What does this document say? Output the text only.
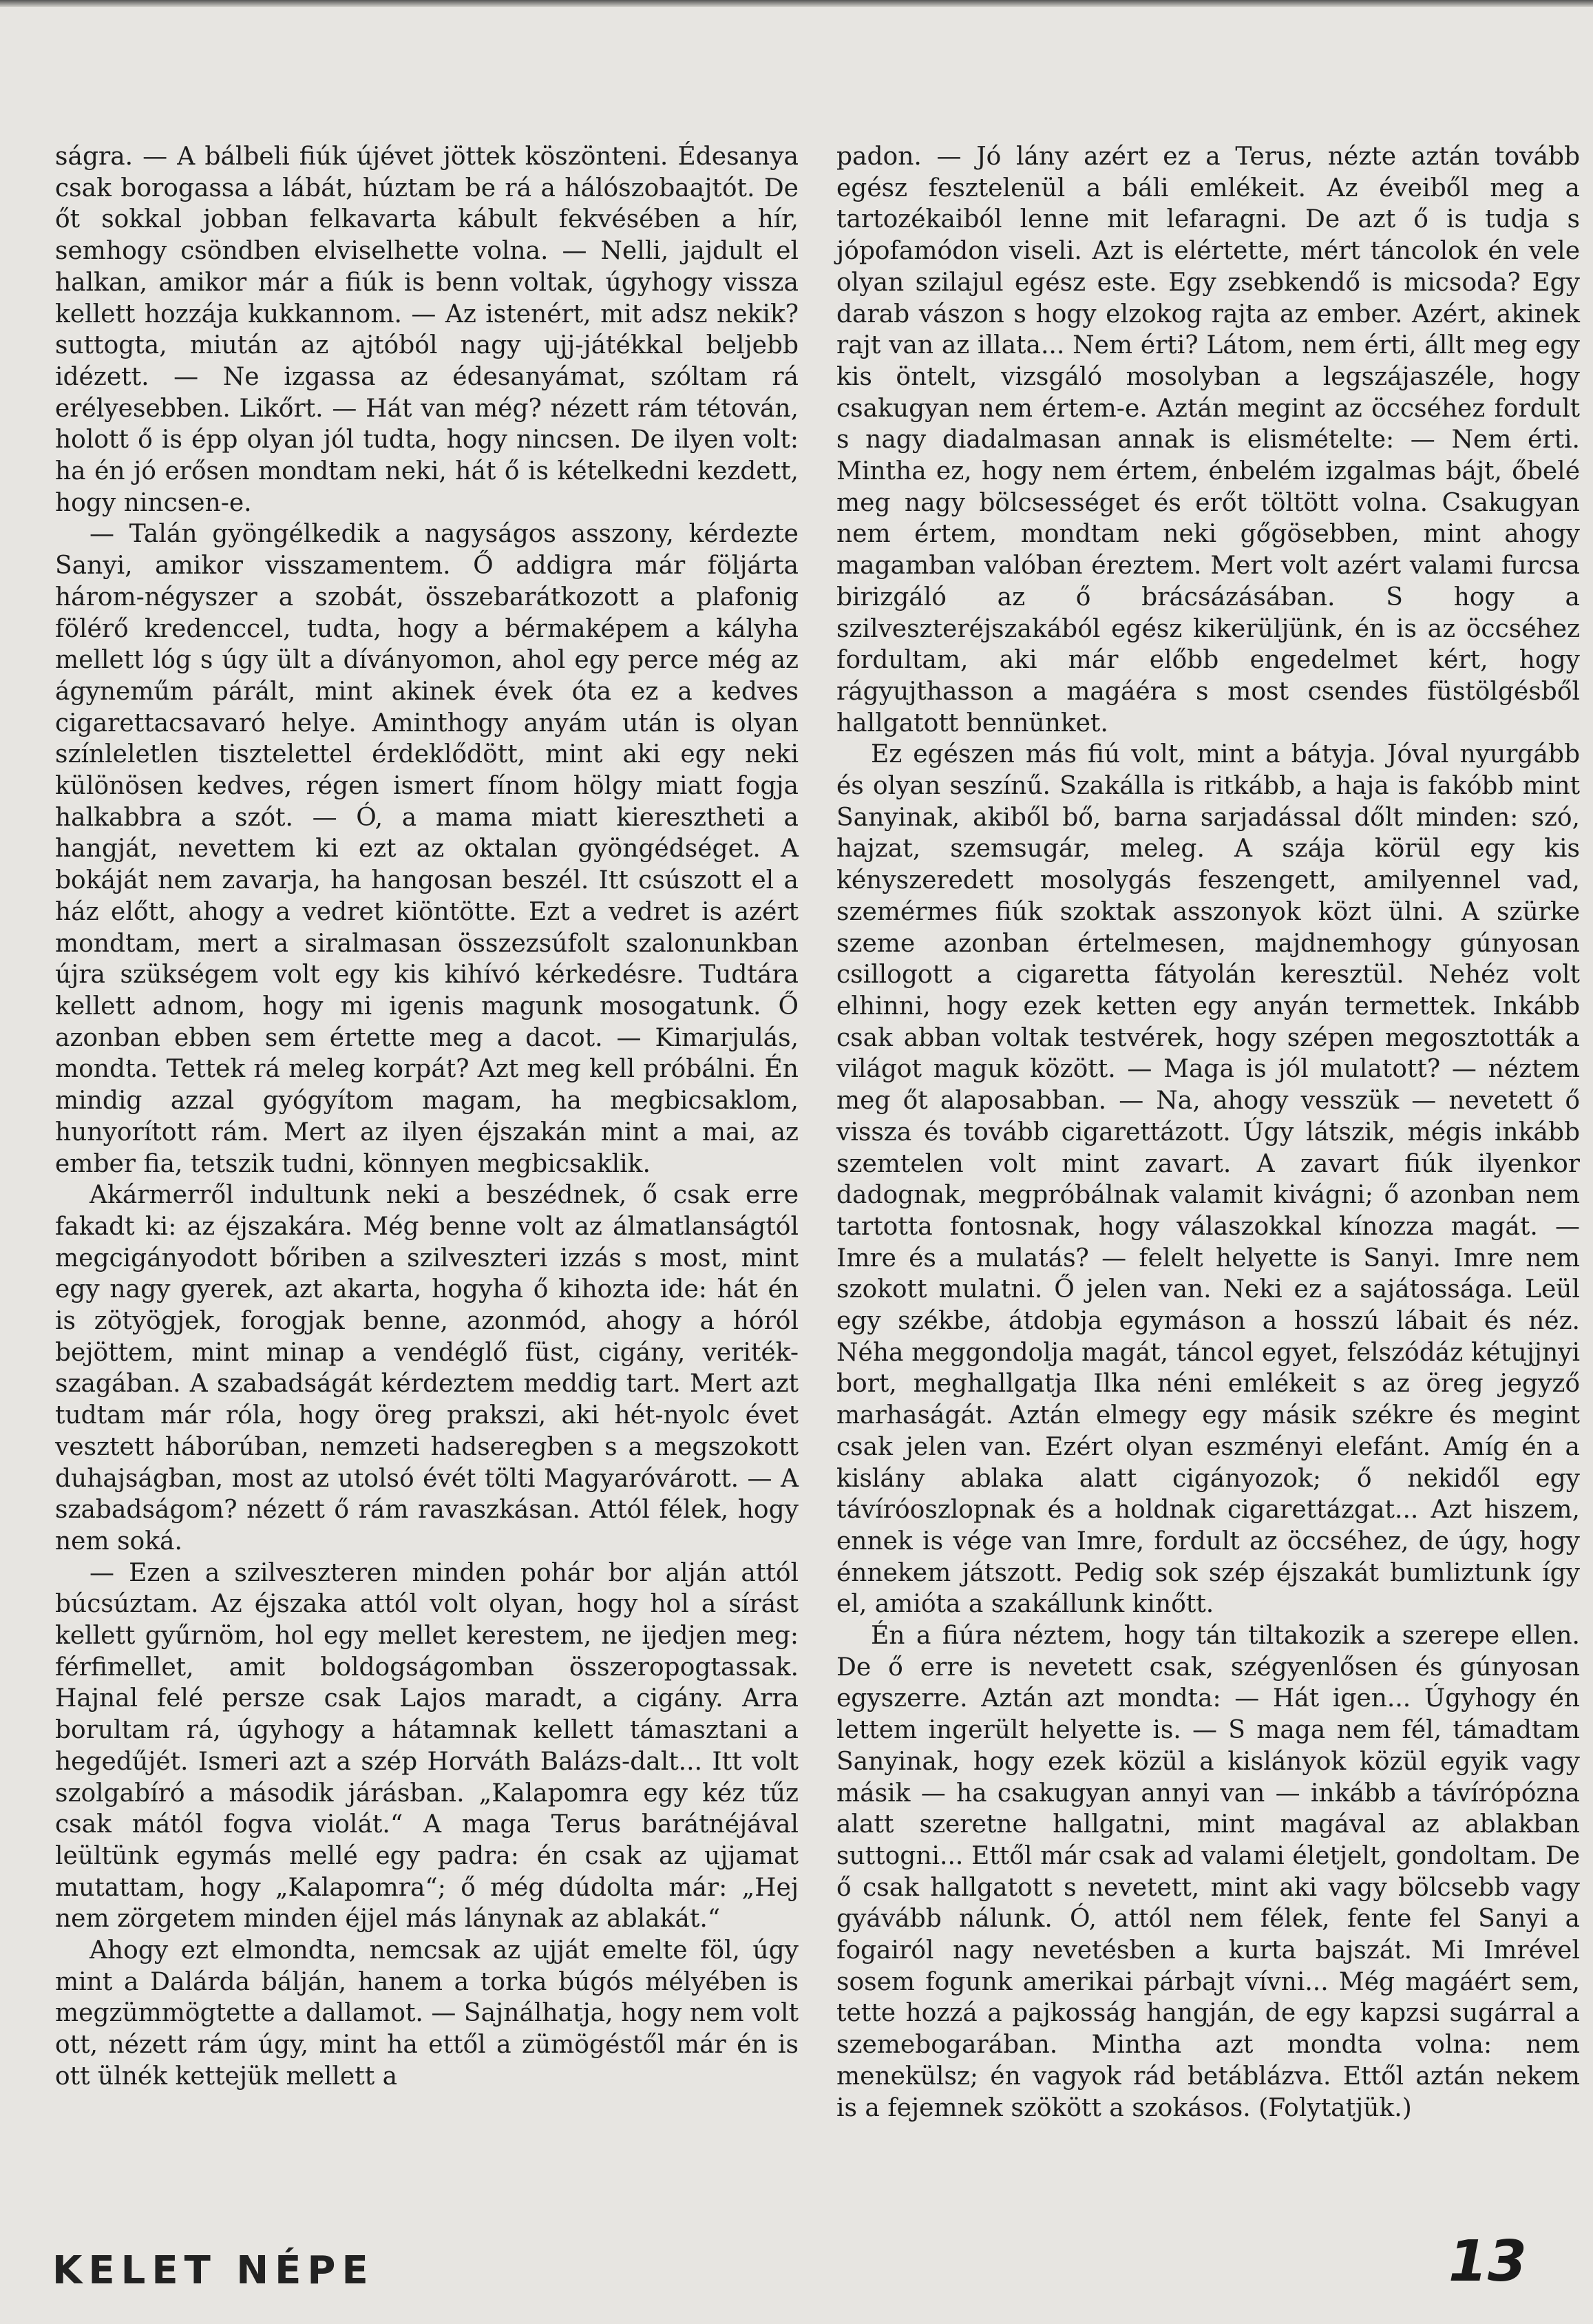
ságra. — A bálbeli fiúk újévet jöttek köszönteni. Édesanya csak borogassa a lábát, húztam be rá a hálószobaajtót. De őt sokkal jobban felkavarta kábult fekvésében a hír, semhogy csöndben elviselhette volna. — Nelli, jajdult el halkan, amikor már a fiúk is benn voltak, úgyhogy vissza kellett hozzája kukkannom. — Az istenért, mit adsz nekik? suttogta, miután az ajtóból nagy ujj-játékkal beljebb idézett. — Ne izgassa az édesanyámat, szóltam rá erélyesebben. Likőrt. — Hát van még? nézett rám tétován, holott ő is épp olyan jól tudta, hogy nincsen. De ilyen volt: ha én jó erősen mondtam neki, hát ő is kételkedni kezdett, hogy nincsen-e.

— Talán gyöngélkedik a nagyságos asszony, kérdezte Sanyi, amikor visszamentem. Ő addigra már följárta három-négyszer a szobát, összebarátkozott a plafonig fölérő kredenccel, tudta, hogy a bérmaképem a kályha mellett lóg s úgy ült a díványomon, ahol egy perce még az ágyneműm párált, mint akinek évek óta ez a kedves cigarettacsavaró helye. Aminthogy anyám után is olyan színleletlen tisztelettel érdeklődött, mint aki egy neki különösen kedves, régen ismert fínom hölgy miatt fogja halkabbra a szót. — Ó, a mama miatt kieresztheti a hangját, nevettem ki ezt az oktalan gyöngédséget. A bokáját nem zavarja, ha hangosan beszél. Itt csúszott el a ház előtt, ahogy a vedret kiöntötte. Ezt a vedret is azért mondtam, mert a siralmasan összezsúfolt szalonunkban újra szükségem volt egy kis kihívó kérkedésre. Tudtára kellett adnom, hogy mi igenis magunk mosogatunk. Ő azonban ebben sem értette meg a dacot. — Kimarjulás, mondta. Tettek rá meleg korpát? Azt meg kell próbálni. Én mindig azzal gyógyítom magam, ha megbicsaklom, hunyorított rám. Mert az ilyen éjszakán mint a mai, az ember fia, tetszik tudni, könnyen megbicsaklik.

Akármerről indultunk neki a beszédnek, ő csak erre fakadt ki: az éjszakára. Még benne volt az álmatlanságtól megcigányodott bőriben a szilveszteri izzás s most, mint egy nagy gyerek, azt akarta, hogyha ő kihozta ide: hát én is zötyögjek, forogjak benne, azonmód, ahogy a hóról bejöttem, mint minap a vendéglő füst, cigány, veriték-szagában. A szabadságát kérdeztem meddig tart. Mert azt tudtam már róla, hogy öreg prakszi, aki hét-nyolc évet vesztett háborúban, nemzeti hadseregben s a megszokott duhajságban, most az utolsó évét tölti Magyaróvárott. — A szabadságom? nézett ő rám ravaszkásan. Attól félek, hogy nem soká.

— Ezen a szilveszteren minden pohár bor alján attól búcsúztam. Az éjszaka attól volt olyan, hogy hol a sírást kellett gyűrnöm, hol egy mellet kerestem, ne ijedjen meg: férfimellet, amit boldogságomban összeropogtassak. Hajnal felé persze csak Lajos maradt, a cigány. Arra borultam rá, úgyhogy a hátamnak kellett támasztani a hegedűjét. Ismeri azt a szép Horváth Balázs-dalt... Itt volt szolgabíró a második járásban. „Kalapomra egy kéz tűz csak mától fogva violát.“ A maga Terus barátnéjával leültünk egymás mellé egy padra: én csak az ujjamat mutattam, hogy „Kalapomra“; ő még dúdolta már: „Hej nem zörgetem minden éjjel más lánynak az ablakát.“

Ahogy ezt elmondta, nemcsak az ujját emelte föl, úgy mint a Dalárda bálján, hanem a torka búgós mélyében is megzümmögtette a dallamot. — Sajnálhatja, hogy nem volt ott, nézett rám úgy, mint ha ettől a zümögéstől már én is ott ülnék kettejük mellett a

padon. — Jó lány azért ez a Terus, nézte aztán tovább egész fesztelenül a báli emlékeit. Az éveiből meg a tartozékaiból lenne mit lefaragni. De azt ő is tudja s jópofamódon viseli. Azt is elértette, mért táncolok én vele olyan szilajul egész este. Egy zsebkendő is micsoda? Egy darab vászon s hogy elzokog rajta az ember. Azért, akinek rajt van az illata... Nem érti? Látom, nem érti, állt meg egy kis öntelt, vizsgáló mosolyban a legszájaszéle, hogy csakugyan nem értem-e. Aztán megint az öccséhez fordult s nagy diadalmasan annak is elismételte: — Nem érti. Mintha ez, hogy nem értem, énbelém izgalmas bájt, őbelé meg nagy bölcsességet és erőt töltött volna. Csakugyan nem értem, mondtam neki gőgösebben, mint ahogy magamban valóban éreztem. Mert volt azért valami furcsa birizgáló az ő brácsázásában. S hogy a szilveszteréjszakából egész kikerüljünk, én is az öccséhez fordultam, aki már előbb engedelmet kért, hogy rágyujthasson a magáéra s most csendes füstölgésből hallgatott bennünket.

Ez egészen más fiú volt, mint a bátyja. Jóval nyurgább és olyan seszínű. Szakálla is ritkább, a haja is fakóbb mint Sanyinak, akiből bő, barna sarjadással dőlt minden: szó, hajzat, szemsugár, meleg. A szája körül egy kis kényszeredett mosolygás feszengett, amilyennel vad, szemérmes fiúk szoktak asszonyok közt ülni. A szürke szeme azonban értelmesen, majdnemhogy gúnyosan csillogott a cigaretta fátyolán keresztül. Nehéz volt elhinni, hogy ezek ketten egy anyán termettek. Inkább csak abban voltak testvérek, hogy szépen megosztották a világot maguk között. — Maga is jól mulatott? — néztem meg őt alaposabban. — Na, ahogy vesszük — nevetett ő vissza és tovább cigarettázott. Úgy látszik, mégis inkább szemtelen volt mint zavart. A zavart fiúk ilyenkor dadognak, megpróbálnak valamit kivágni; ő azonban nem tartotta fontosnak, hogy válaszokkal kínozza magát. — Imre és a mulatás? — felelt helyette is Sanyi. Imre nem szokott mulatni. Ő jelen van. Neki ez a sajátossága. Leül egy székbe, átdobja egymáson a hosszú lábait és néz. Néha meggondolja magát, táncol egyet, felszódáz kétujjnyi bort, meghallgatja Ilka néni emlékeit s az öreg jegyző marhaságát. Aztán elmegy egy másik székre és megint csak jelen van. Ezért olyan eszményi elefánt. Amíg én a kislány ablaka alatt cigányozok; ő nekidől egy távíróoszlopnak és a holdnak cigarettázgat... Azt hiszem, ennek is vége van Imre, fordult az öccséhez, de úgy, hogy énnekem játszott. Pedig sok szép éjszakát bumliztunk így el, amióta a szakállunk kinőtt.

Én a fiúra néztem, hogy tán tiltakozik a szerepe ellen. De ő erre is nevetett csak, szégyenlősen és gúnyosan egyszerre. Aztán azt mondta: — Hát igen... Úgyhogy én lettem ingerült helyette is. — S maga nem fél, támadtam Sanyinak, hogy ezek közül a kislányok közül egyik vagy másik — ha csakugyan annyi van — inkább a távírópózna alatt szeretne hallgatni, mint magával az ablakban suttogni... Ettől már csak ad valami életjelt, gondoltam. De ő csak hallgatott s nevetett, mint aki vagy bölcsebb vagy gyávább nálunk. Ó, attól nem félek, fente fel Sanyi a fogairól nagy nevetésben a kurta bajszát. Mi Imrével sosem fogunk amerikai párbajt vívni... Még magáért sem, tette hozzá a pajkosság hangján, de egy kapzsi sugárral a szemebogarában. Mintha azt mondta volna: nem menekülsz; én vagyok rád betáblázva. Ettől aztán nekem is a fejemnek szökött a szokásos. (Folytatjük.)

KELET NÉPE	13
